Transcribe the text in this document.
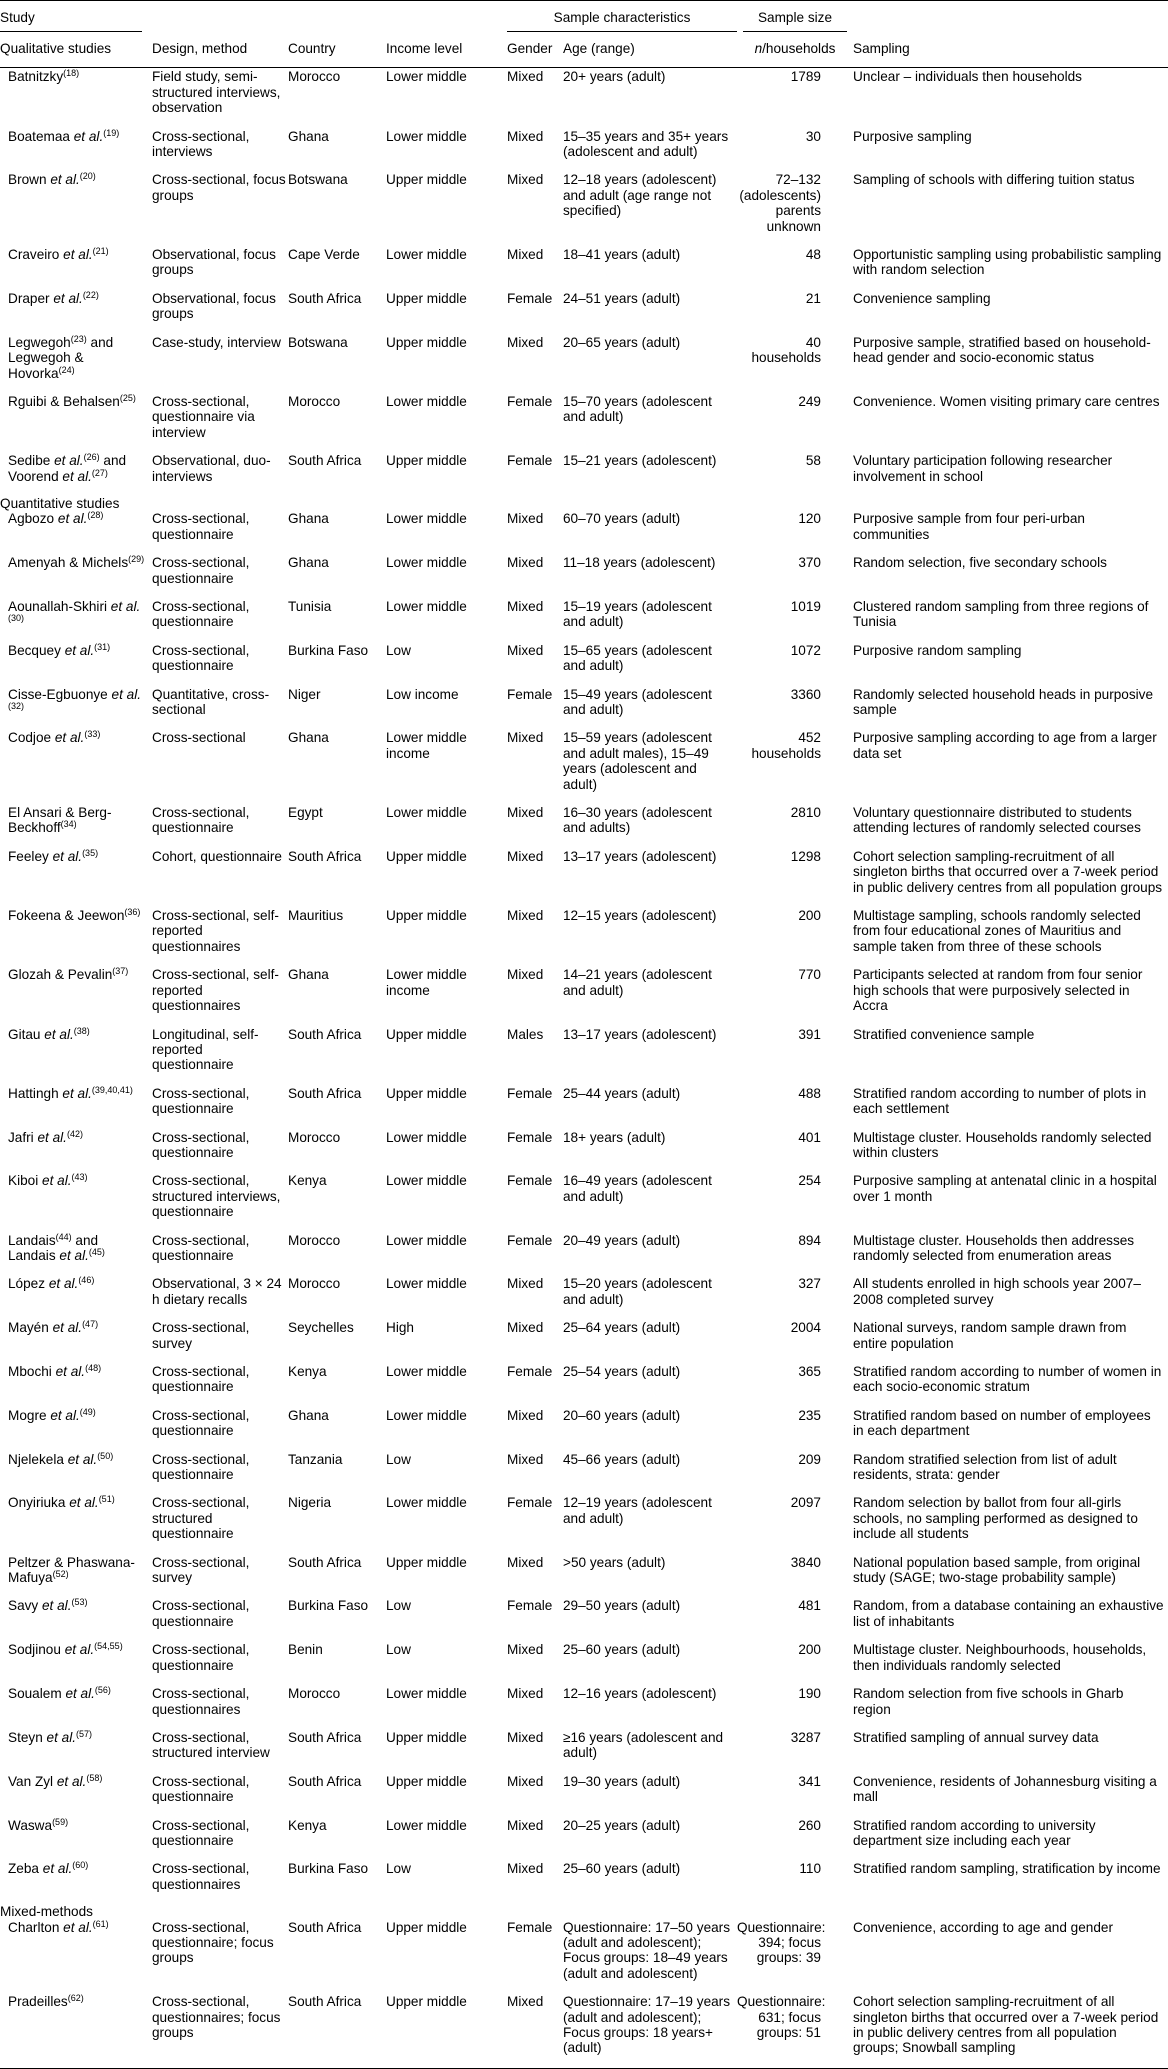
Study				Sample characteristics		Sample size	

Qualitative studies	Design, method	Country	Income level	Gender	Age (range)	n/households	Sampling
Batnitzky$^{(18)}$	Field study, semi-structured interviews, observation	Morocco	Lower middle	Mixed	20+ years (adult)	1789	Unclear – individuals then households
Boatemaa et al.$^{(19)}$	Cross-sectional, interviews	Ghana	Lower middle	Mixed	15–35 years and 35+ years (adolescent and adult)	30	Purposive sampling
Brown et al.$^{(20)}$	Cross-sectional, focus groups	Botswana	Upper middle	Mixed	12–18 years (adolescent) and adult (age range not specified)	72–132 (adolescents) parents unknown	Sampling of schools with differing tuition status
Craveiro et al.$^{(21)}$	Observational, focus groups	Cape Verde	Lower middle	Mixed	18–41 years (adult)	48	Opportunistic sampling using probabilistic sampling with random selection
Draper et al.$^{(22)}$	Observational, focus groups	South Africa	Upper middle	Female	24–51 years (adult)	21	Convenience sampling
Legwegoh$^{(23)}$ and Legwegoh & Hovorka$^{(24)}$	Case-study, interview	Botswana	Upper middle	Mixed	20–65 years (adult)	40 households	Purposive sample, stratified based on household-head gender and socio-economic status
Rguibi & Behalsen$^{(25)}$	Cross-sectional, questionnaire via interview	Morocco	Lower middle	Female	15–70 years (adolescent and adult)	249	Convenience. Women visiting primary care centres
Sedibe et al.$^{(26)}$ and Voorend et al.$^{(27)}$	Observational, duo-interviews	South Africa	Upper middle	Female	15–21 years (adolescent)	58	Voluntary participation following researcher involvement in school
Quantitative studies							
Agbozo et al.$^{(28)}$	Cross-sectional, questionnaire	Ghana	Lower middle	Mixed	60–70 years (adult)	120	Purposive sample from four peri-urban communities
Amenyah & Michels$^{(29)}$	Cross-sectional, questionnaire	Ghana	Lower middle	Mixed	11–18 years (adolescent)	370	Random selection, five secondary schools
Aounallah-Skhiri et al.$^{(30)}$	Cross-sectional, questionnaire	Tunisia	Lower middle	Mixed	15–19 years (adolescent and adult)	1019	Clustered random sampling from three regions of Tunisia
Becquey et al.$^{(31)}$	Cross-sectional, questionnaire	Burkina Faso	Low	Mixed	15–65 years (adolescent and adult)	1072	Purposive random sampling
Cisse-Egbuonye et al.$^{(32)}$	Quantitative, cross-sectional	Niger	Low income	Female	15–49 years (adolescent and adult)	3360	Randomly selected household heads in purposive sample
Codjoe et al.$^{(33)}$	Cross-sectional	Ghana	Lower middle income	Mixed	15–59 years (adolescent and adult males), 15–49 years (adolescent and adult)	452 households	Purposive sampling according to age from a larger data set
El Ansari & Berg-Beckhoff$^{(34)}$	Cross-sectional, questionnaire	Egypt	Lower middle	Mixed	16–30 years (adolescent and adults)	2810	Voluntary questionnaire distributed to students attending lectures of randomly selected courses
Feeley et al.$^{(35)}$	Cohort, questionnaire	South Africa	Upper middle	Mixed	13–17 years (adolescent)	1298	Cohort selection sampling-recruitment of all singleton births that occurred over a 7-week period in public delivery centres from all population groups
Fokeena & Jeewon$^{(36)}$	Cross-sectional, self-reported questionnaires	Mauritius	Upper middle	Mixed	12–15 years (adolescent)	200	Multistage sampling, schools randomly selected from four educational zones of Mauritius and sample taken from three of these schools
Glozah & Pevalin$^{(37)}$	Cross-sectional, self-reported questionnaires	Ghana	Lower middle income	Mixed	14–21 years (adolescent and adult)	770	Participants selected at random from four senior high schools that were purposively selected in Accra
Gitau et al.$^{(38)}$	Longitudinal, self-reported questionnaire	South Africa	Upper middle	Males	13–17 years (adolescent)	391	Stratified convenience sample
Hattingh et al.$^{(39,40,41)}$	Cross-sectional, questionnaire	South Africa	Upper middle	Female	25–44 years (adult)	488	Stratified random according to number of plots in each settlement
Jafri et al.$^{(42)}$	Cross-sectional, questionnaire	Morocco	Lower middle	Female	18+ years (adult)	401	Multistage cluster. Households randomly selected within clusters
Kiboi et al.$^{(43)}$	Cross-sectional, structured interviews, questionnaire	Kenya	Lower middle	Female	16–49 years (adolescent and adult)	254	Purposive sampling at antenatal clinic in a hospital over 1 month
Landais$^{(44)}$ and Landais et al.$^{(45)}$	Cross-sectional, questionnaire	Morocco	Lower middle	Female	20–49 years (adult)	894	Multistage cluster. Households then addresses randomly selected from enumeration areas
López et al.$^{(46)}$	Observational, 3 × 24 h dietary recalls	Morocco	Lower middle	Mixed	15–20 years (adolescent and adult)	327	All students enrolled in high schools year 2007–2008 completed survey
Mayén et al.$^{(47)}$	Cross-sectional, survey	Seychelles	High	Mixed	25–64 years (adult)	2004	National surveys, random sample drawn from entire population
Mbochi et al.$^{(48)}$	Cross-sectional, questionnaire	Kenya	Lower middle	Female	25–54 years (adult)	365	Stratified random according to number of women in each socio-economic stratum
Mogre et al.$^{(49)}$	Cross-sectional, questionnaire	Ghana	Lower middle	Mixed	20–60 years (adult)	235	Stratified random based on number of employees in each department
Njelekela et al.$^{(50)}$	Cross-sectional, questionnaire	Tanzania	Low	Mixed	45–66 years (adult)	209	Random stratified selection from list of adult residents, strata: gender
Onyiriuka et al.$^{(51)}$	Cross-sectional, structured questionnaire	Nigeria	Lower middle	Female	12–19 years (adolescent and adult)	2097	Random selection by ballot from four all-girls schools, no sampling performed as designed to include all students
Peltzer & Phaswana-Mafuya$^{(52)}$	Cross-sectional, survey	South Africa	Upper middle	Mixed	>50 years (adult)	3840	National population based sample, from original study (SAGE; two-stage probability sample)
Savy et al.$^{(53)}$	Cross-sectional, questionnaire	Burkina Faso	Low	Female	29–50 years (adult)	481	Random, from a database containing an exhaustive list of inhabitants
Sodjinou et al.$^{(54,55)}$	Cross-sectional, questionnaire	Benin	Low	Mixed	25–60 years (adult)	200	Multistage cluster. Neighbourhoods, households, then individuals randomly selected
Soualem et al.$^{(56)}$	Cross-sectional, questionnaires	Morocco	Lower middle	Mixed	12–16 years (adolescent)	190	Random selection from five schools in Gharb region
Steyn et al.$^{(57)}$	Cross-sectional, structured interview	South Africa	Upper middle	Mixed	≥16 years (adolescent and adult)	3287	Stratified sampling of annual survey data
Van Zyl et al.$^{(58)}$	Cross-sectional, questionnaire	South Africa	Upper middle	Mixed	19–30 years (adult)	341	Convenience, residents of Johannesburg visiting a mall
Waswa$^{(59)}$	Cross-sectional, questionnaire	Kenya	Lower middle	Mixed	20–25 years (adult)	260	Stratified random according to university department size including each year
Zeba et al.$^{(60)}$	Cross-sectional, questionnaires	Burkina Faso	Low	Mixed	25–60 years (adult)	110	Stratified random sampling, stratification by income
Mixed-methods							
Charlton et al.$^{(61)}$	Cross-sectional, questionnaire; focus groups	South Africa	Upper middle	Female	Questionnaire: 17–50 years (adult and adolescent); Focus groups: 18–49 years (adult and adolescent)	Questionnaire: 394; focus groups: 39	Convenience, according to age and gender
Pradeilles$^{(62)}$	Cross-sectional, questionnaires; focus groups	South Africa	Upper middle	Mixed	Questionnaire: 17–19 years (adult and adolescent); Focus groups: 18 years+ (adult)	Questionnaire: 631; focus groups: 51	Cohort selection sampling-recruitment of all singleton births that occurred over a 7-week period in public delivery centres from all population groups; Snowball sampling
